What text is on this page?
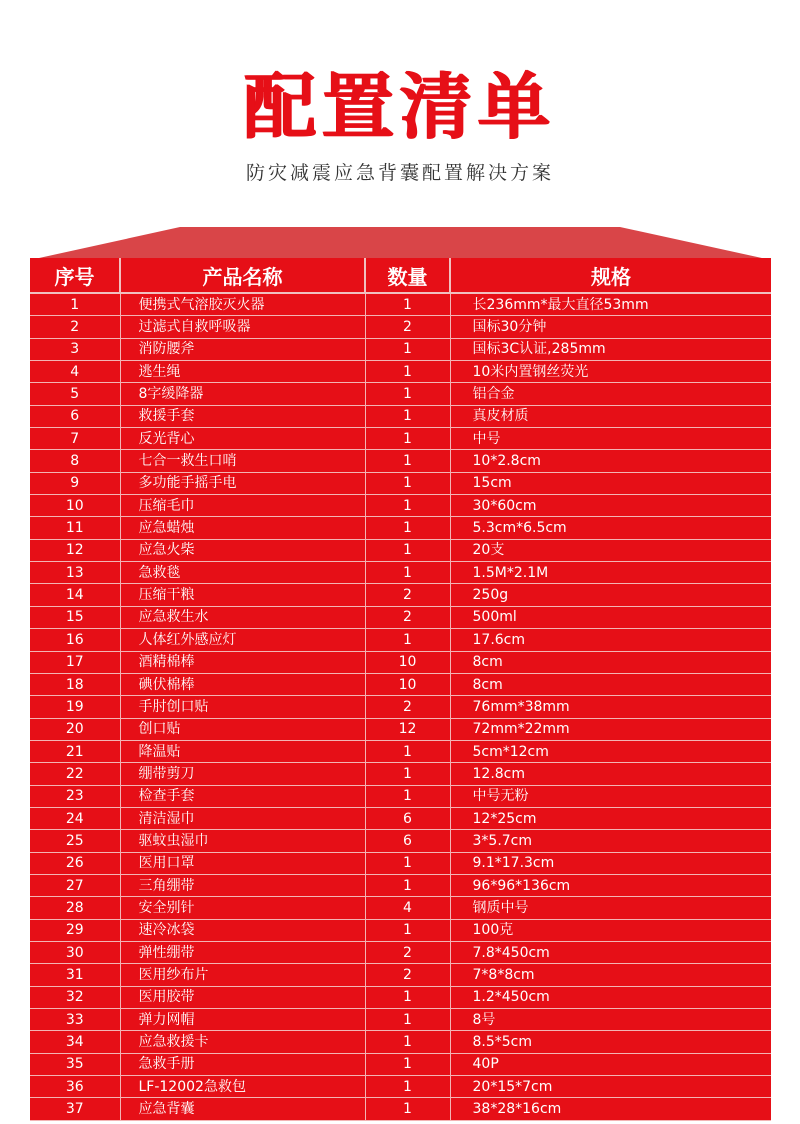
配置清单
防灾减震应急背囊配置解决方案
序号	产品名称	数量	规格
1	便携式气溶胶灭火器	1	长236mm*最大直径53mm
2	过滤式自救呼吸器	2	国标30分钟
3	消防腰斧	1	国标3C认证,285mm
4	逃生绳	1	10米内置钢丝荧光
5	8字缓降器	1	铝合金
6	救援手套	1	真皮材质
7	反光背心	1	中号
8	七合一救生口哨	1	10*2.8cm
9	多功能手摇手电	1	15cm
10	压缩毛巾	1	30*60cm
11	应急蜡烛	1	5.3cm*6.5cm
12	应急火柴	1	20支
13	急救毯	1	1.5M*2.1M
14	压缩干粮	2	250g
15	应急救生水	2	500ml
16	人体红外感应灯	1	17.6cm
17	酒精棉棒	10	8cm
18	碘伏棉棒	10	8cm
19	手肘创口贴	2	76mm*38mm
20	创口贴	12	72mm*22mm
21	降温贴	1	5cm*12cm
22	绷带剪刀	1	12.8cm
23	检查手套	1	中号无粉
24	清洁湿巾	6	12*25cm
25	驱蚊虫湿巾	6	3*5.7cm
26	医用口罩	1	9.1*17.3cm
27	三角绷带	1	96*96*136cm
28	安全别针	4	钢质中号
29	速冷冰袋	1	100克
30	弹性绷带	2	7.8*450cm
31	医用纱布片	2	7*8*8cm
32	医用胶带	1	1.2*450cm
33	弹力网帽	1	8号
34	应急救援卡	1	8.5*5cm
35	急救手册	1	40P
36	LF-12002急救包	1	20*15*7cm
37	应急背囊	1	38*28*16cm
